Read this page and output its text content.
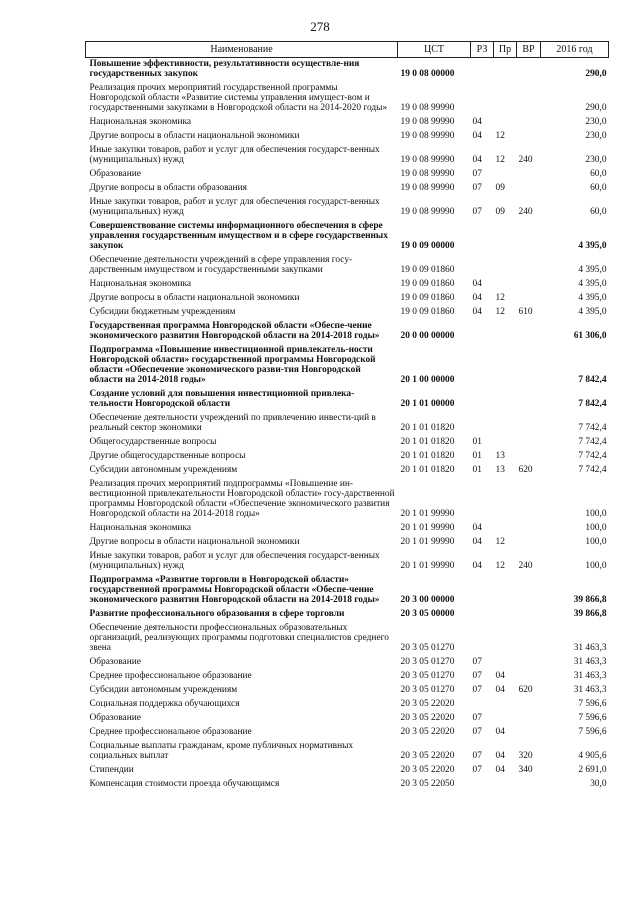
278
Наименование	ЦСТ	РЗ	Пр	ВР	2016 год
Повышение эффективности, результативности осуществле-ния государственных закупок	19 0 08 00000				290,0
Реализация прочих мероприятий государственной программы Новгородской области «Развитие системы управления имущест-вом и государственными закупками в Новгородской области на 2014-2020 годы»	19 0 08 99990				290,0
Национальная экономика	19 0 08 99990	04			230,0
Другие вопросы в области национальной экономики	19 0 08 99990	04	12		230,0
Иные закупки товаров, работ и услуг для обеспечения государст-венных (муниципальных) нужд	19 0 08 99990	04	12	240	230,0
Образование	19 0 08 99990	07			60,0
Другие вопросы в области образования	19 0 08 99990	07	09		60,0
Иные закупки товаров, работ и услуг для обеспечения государст-венных (муниципальных) нужд	19 0 08 99990	07	09	240	60,0
Совершенствование системы информационного обеспечения в сфере управления государственным имуществом и в сфере государственных закупок	19 0 09 00000				4 395,0
Обеспечение деятельности учреждений в сфере управления госу-дарственным имуществом и государственными закупками	19 0 09 01860				4 395,0
Национальная экономика	19 0 09 01860	04			4 395,0
Другие вопросы в области национальной экономики	19 0 09 01860	04	12		4 395,0
Субсидии бюджетным учреждениям	19 0 09 01860	04	12	610	4 395,0
Государственная программа Новгородской области «Обеспе-чение экономического развития Новгородской области на 2014-2018 годы»	20 0 00 00000				61 306,0
Подпрограмма «Повышение инвестиционной привлекатель-ности Новгородской области» государственной программы Новгородской области «Обеспечение экономического разви-тия Новгородской области на 2014-2018 годы»	20 1 00 00000				7 842,4
Создание условий для повышения инвестиционной привлека-тельности Новгородской области	20 1 01 00000				7 842,4
Обеспечение деятельности учреждений по привлечению инвести-ций в реальный сектор экономики	20 1 01 01820				7 742,4
Общегосударственные вопросы	20 1 01 01820	01			7 742,4
Другие общегосударственные вопросы	20 1 01 01820	01	13		7 742,4
Субсидии автономным учреждениям	20 1 01 01820	01	13	620	7 742,4
Реализация прочих мероприятий подпрограммы «Повышение ин-вестиционной привлекательности Новгородской области» госу-дарственной программы Новгородской области «Обеспечение экономического развития Новгородской области на 2014-2018 годы»	20 1 01 99990				100,0
Национальная экономика	20 1 01 99990	04			100,0
Другие вопросы в области национальной экономики	20 1 01 99990	04	12		100,0
Иные закупки товаров, работ и услуг для обеспечения государст-венных (муниципальных) нужд	20 1 01 99990	04	12	240	100,0
Подпрограмма «Развитие торговли в Новгородской области» государственной программы Новгородской области «Обеспе-чение экономического развития Новгородской области на 2014-2018 годы»	20 3 00 00000				39 866,8
Развитие профессионального образования в сфере торговли	20 3 05 00000				39 866,8
Обеспечение деятельности профессиональных образовательных организаций, реализующих программы подготовки специалистов среднего звена	20 3 05 01270				31 463,3
Образование	20 3 05 01270	07			31 463,3
Среднее профессиональное образование	20 3 05 01270	07	04		31 463,3
Субсидии автономным учреждениям	20 3 05 01270	07	04	620	31 463,3
Социальная поддержка обучающихся	20 3 05 22020				7 596,6
Образование	20 3 05 22020	07			7 596,6
Среднее профессиональное образование	20 3 05 22020	07	04		7 596,6
Социальные выплаты гражданам, кроме публичных нормативных социальных выплат	20 3 05 22020	07	04	320	4 905,6
Стипендии	20 3 05 22020	07	04	340	2 691,0
Компенсация стоимости проезда обучающимся	20 3 05 22050				30,0
